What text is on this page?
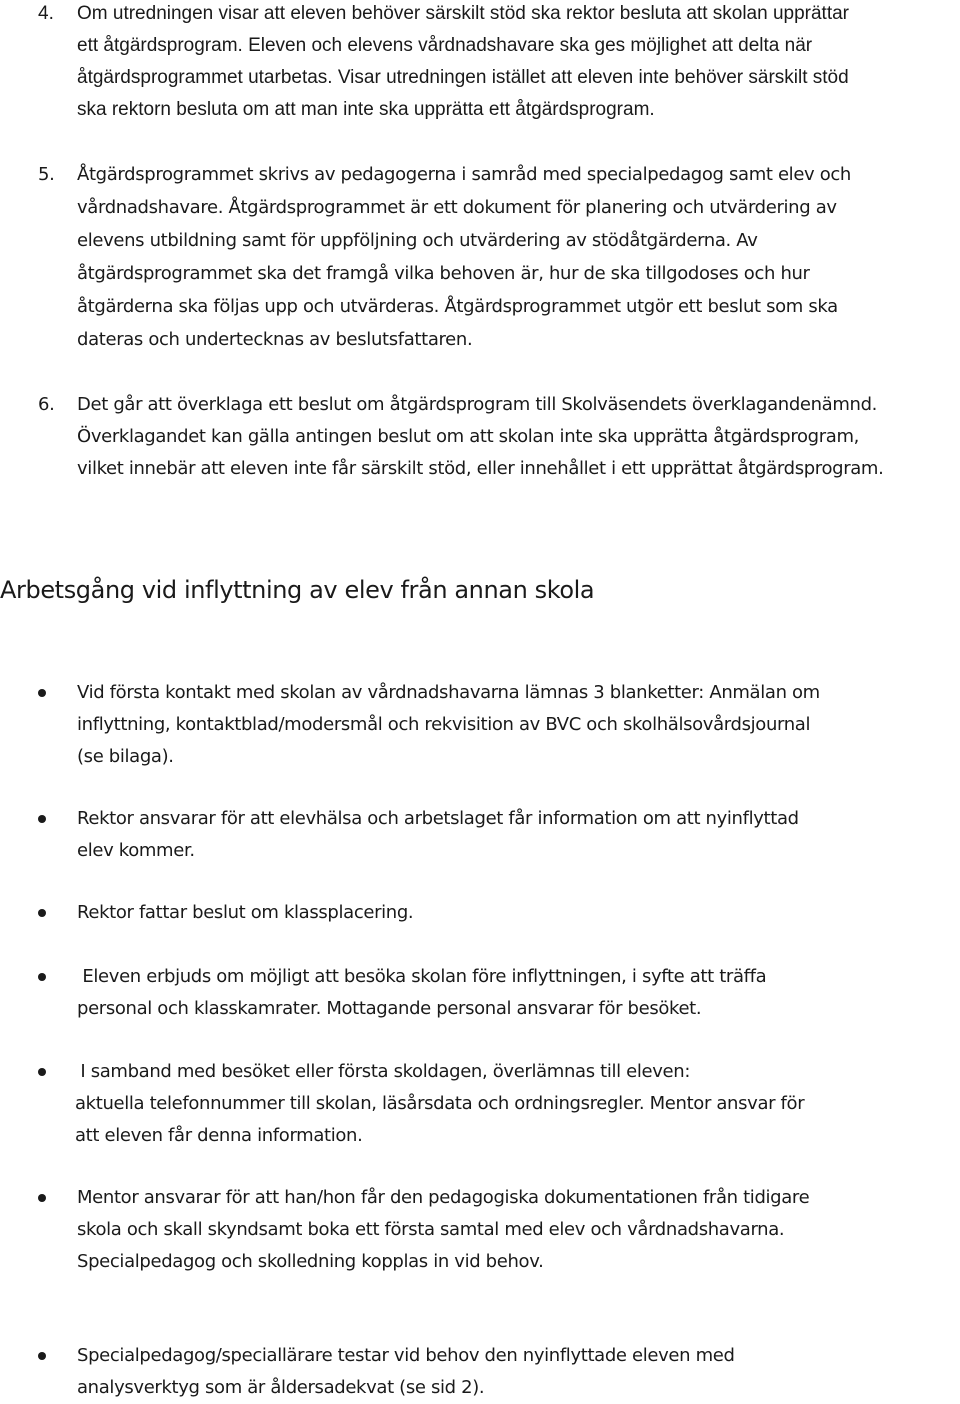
4. Om utredningen visar att eleven behöver särskilt stöd ska rektor besluta att skolan upprättar
ett åtgärdsprogram. Eleven och elevens vårdnadshavare ska ges möjlighet att delta när
åtgärdsprogrammet utarbetas. Visar utredningen istället att eleven inte behöver särskilt stöd
ska rektorn besluta om att man inte ska upprätta ett åtgärdsprogram.
5. Åtgärdsprogrammet skrivs av pedagogerna i samråd med specialpedagog samt elev och
vårdnadshavare. Åtgärdsprogrammet är ett dokument för planering och utvärdering av
elevens utbildning samt för uppföljning och utvärdering av stödåtgärderna. Av
åtgärdsprogrammet ska det framgå vilka behoven är, hur de ska tillgodoses och hur
åtgärderna ska följas upp och utvärderas. Åtgärdsprogrammet utgör ett beslut som ska
dateras och undertecknas av beslutsfattaren.
6. Det går att överklaga ett beslut om åtgärdsprogram till Skolväsendets överklagandenämnd.
Överklagandet kan gälla antingen beslut om att skolan inte ska upprätta åtgärdsprogram,
vilket innebär att eleven inte får särskilt stöd, eller innehållet i ett upprättat åtgärdsprogram.
Arbetsgång vid inflyttning av elev från annan skola
Vid första kontakt med skolan av vårdnadshavarna lämnas 3 blanketter: Anmälan om
inflyttning, kontaktblad/modersmål och rekvisition av BVC och skolhälsovårdsjournal
(se bilaga).
Rektor ansvarar för att elevhälsa och arbetslaget får information om att nyinflyttad
elev kommer.
Rektor fattar beslut om klassplacering.
Eleven erbjuds om möjligt att besöka skolan före inflyttningen, i syfte att träffa
personal och klasskamrater. Mottagande personal ansvarar för besöket.
I samband med besöket eller första skoldagen, överlämnas till eleven:
aktuella telefonnummer till skolan, läsårsdata och ordningsregler. Mentor ansvar för
att eleven får denna information.
Mentor ansvarar för att han/hon får den pedagogiska dokumentationen från tidigare
skola och skall skyndsamt boka ett första samtal med elev och vårdnadshavarna.
Specialpedagog och skolledning kopplas in vid behov.
Specialpedagog/speciallärare testar vid behov den nyinflyttade eleven med
analysverktyg som är åldersadekvat (se sid 2).
